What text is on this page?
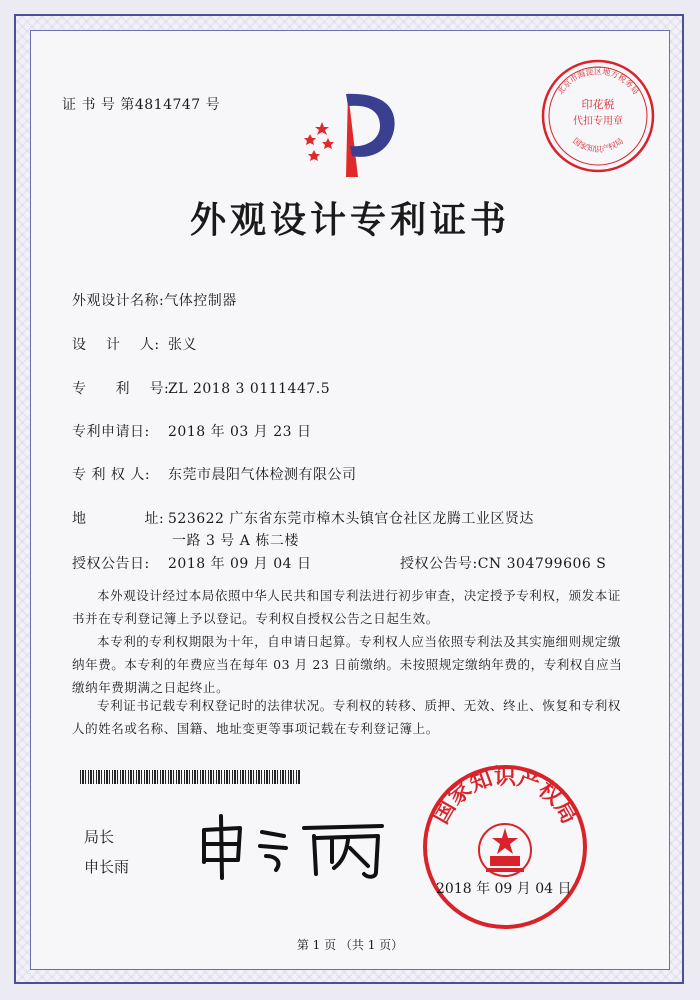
证 书 号 第4814747 号	印花税
代扣专用章
北京市海淀区地方税务局
国家知识产权局
外观设计专利证书
外观设计名称:气体控制器
设　 计　 人: 张义
专　　利　 号:ZL 2018 3 0111447.5
专利申请日: 2018 年 03 月 23 日
专 利 权 人: 东莞市晨阳气体检测有限公司
地　　　　址: 523622 广东省东莞市樟木头镇官仓社区龙腾工业区贤达
一路 3 号 A 栋二楼
授权公告日: 2018 年 09 月 04 日	授权公告号:CN 304799606 S
本外观设计经过本局依照中华人民共和国专利法进行初步审查，决定授予专利权，颁发本证书并在专利登记簿上予以登记。专利权自授权公告之日起生效。
本专利的专利权期限为十年，自申请日起算。专利权人应当依照专利法及其实施细则规定缴纳年费。本专利的年费应当在每年 03 月 23 日前缴纳。未按照规定缴纳年费的，专利权自应当缴纳年费期满之日起终止。
专利证书记载专利权登记时的法律状况。专利权的转移、质押、无效、终止、恢复和专利权人的姓名或名称、国籍、地址变更等事项记载在专利登记簿上。
局长
申长雨
国家知识产权局
2018 年 09 月 04 日
第 1 页 （共 1 页）
